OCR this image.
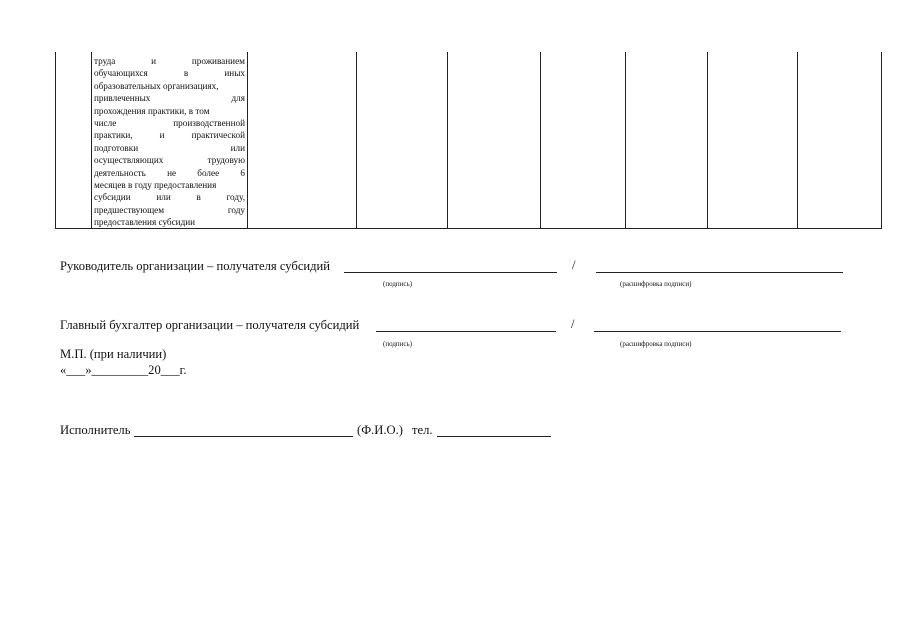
труда	и	проживанием
обучающихся	в	иных
образовательных организациях,
привлеченных	для
прохождения практики, в том
числе	производственной
практики,	и	практической
подготовки	или
осуществляющих	трудовую
деятельность не более 6
месяцев в году предоставления
субсидии	или	в	году,
предшествующем	году
предоставления субсидии
Руководитель организации – получателя субсидий	/
(подпись)	(расшифровка подписи)
Главный бухгалтер организации – получателя субсидий	/
(подпись)	(расшифровка подписи)
М.П. (при наличии)
«___»_________20___г.
Исполнитель	(Ф.И.О.) тел.
